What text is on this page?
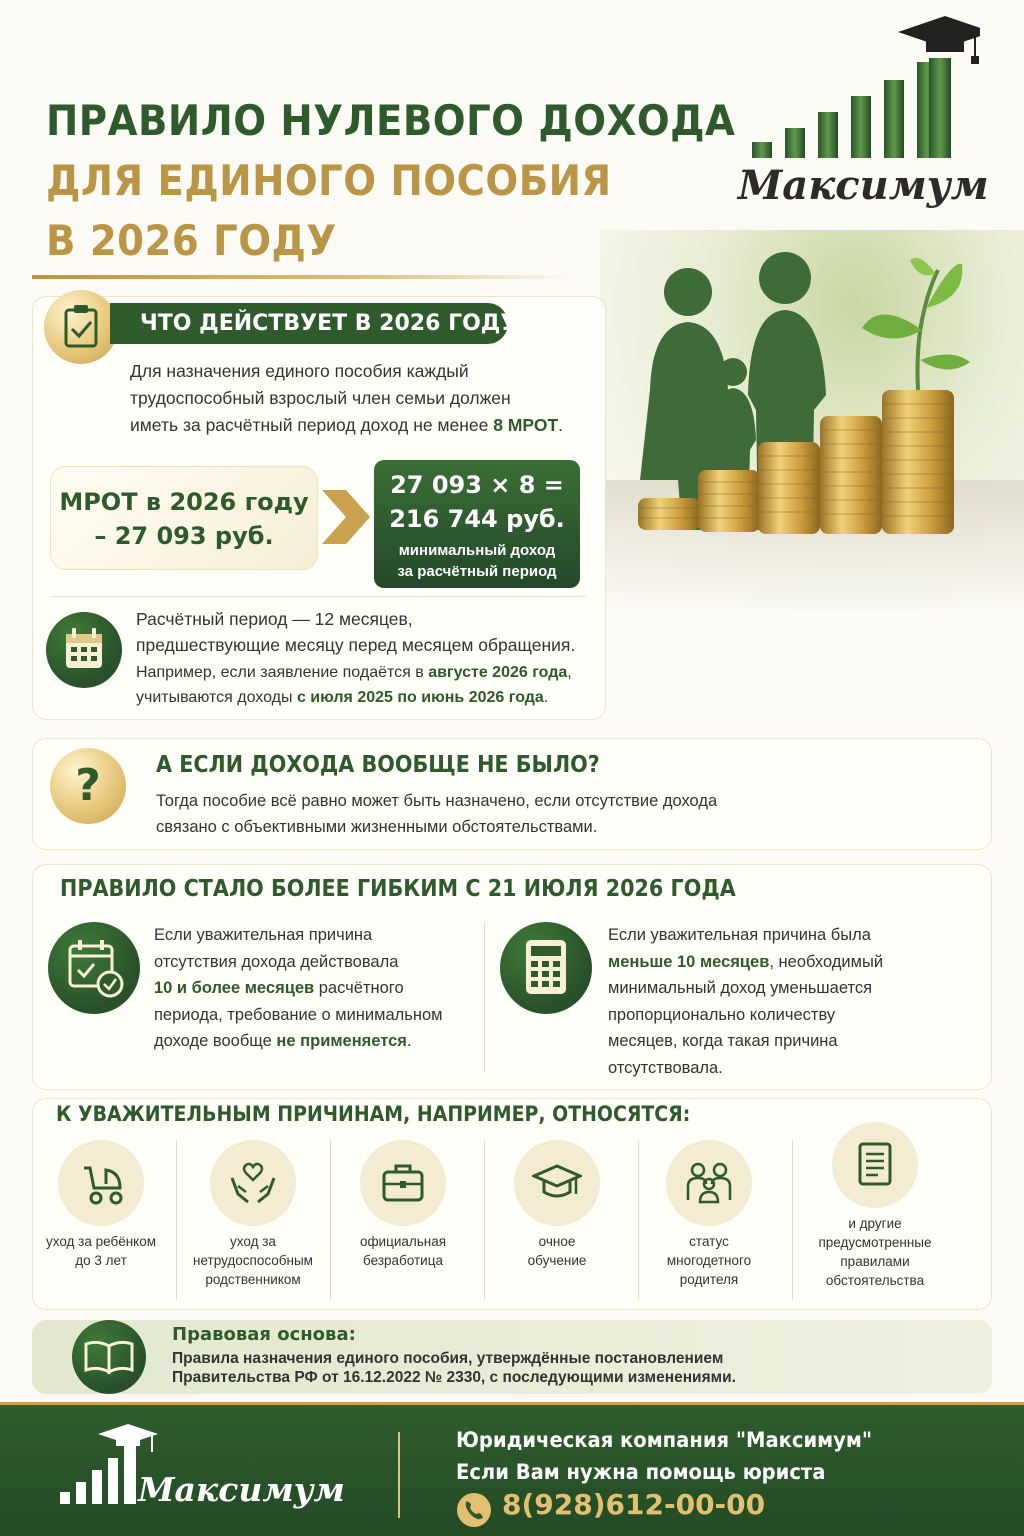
ПРАВИЛО НУЛЕВОГО ДОХОДА
ДЛЯ ЕДИНОГО ПОСОБИЯ
В 2026 ГОДУ
Максимум
ЧТО ДЕЙСТВУЕТ В 2026 ГОДУ
Для назначения единого пособия каждый
трудоспособный взрослый член семьи должен
иметь за расчётный период доход не менее 8 МРОТ.
МРОТ в 2026 году
– 27 093 руб.
27 093 × 8 =
216 744 руб.
минимальный доход
за расчётный период
Расчётный период — 12 месяцев,
предшествующие месяцу перед месяцем обращения.
Например, если заявление подаётся в августе 2026 года,
учитываются доходы с июля 2025 по июнь 2026 года.
?	А ЕСЛИ ДОХОДА ВООБЩЕ НЕ БЫЛО?
Тогда пособие всё равно может быть назначено, если отсутствие дохода
связано с объективными жизненными обстоятельствами.
ПРАВИЛО СТАЛО БОЛЕЕ ГИБКИМ С 21 ИЮЛЯ 2026 ГОДА
Если уважительная причина
отсутствия дохода действовала
10 и более месяцев расчётного
периода, требование о минимальном
доходе вообще не применяется.
Если уважительная причина была
меньше 10 месяцев, необходимый
минимальный доход уменьшается
пропорционально количеству
месяцев, когда такая причина
отсутствовала.
К УВАЖИТЕЛЬНЫМ ПРИЧИНАМ, НАПРИМЕР, ОТНОСЯТСЯ:
уход за ребёнком
до 3 лет
уход за
нетрудоспособным
родственником
официальная
безработица
очное
обучение
статус
многодетного
родителя
и другие
предусмотренные
правилами
обстоятельства
Правовая основа:
Правила назначения единого пособия, утверждённые постановлением
Правительства РФ от 16.12.2022 № 2330, с последующими изменениями.
Максимум
Юридическая компания "Максимум"
Если Вам нужна помощь юриста
8(928)612-00-00
